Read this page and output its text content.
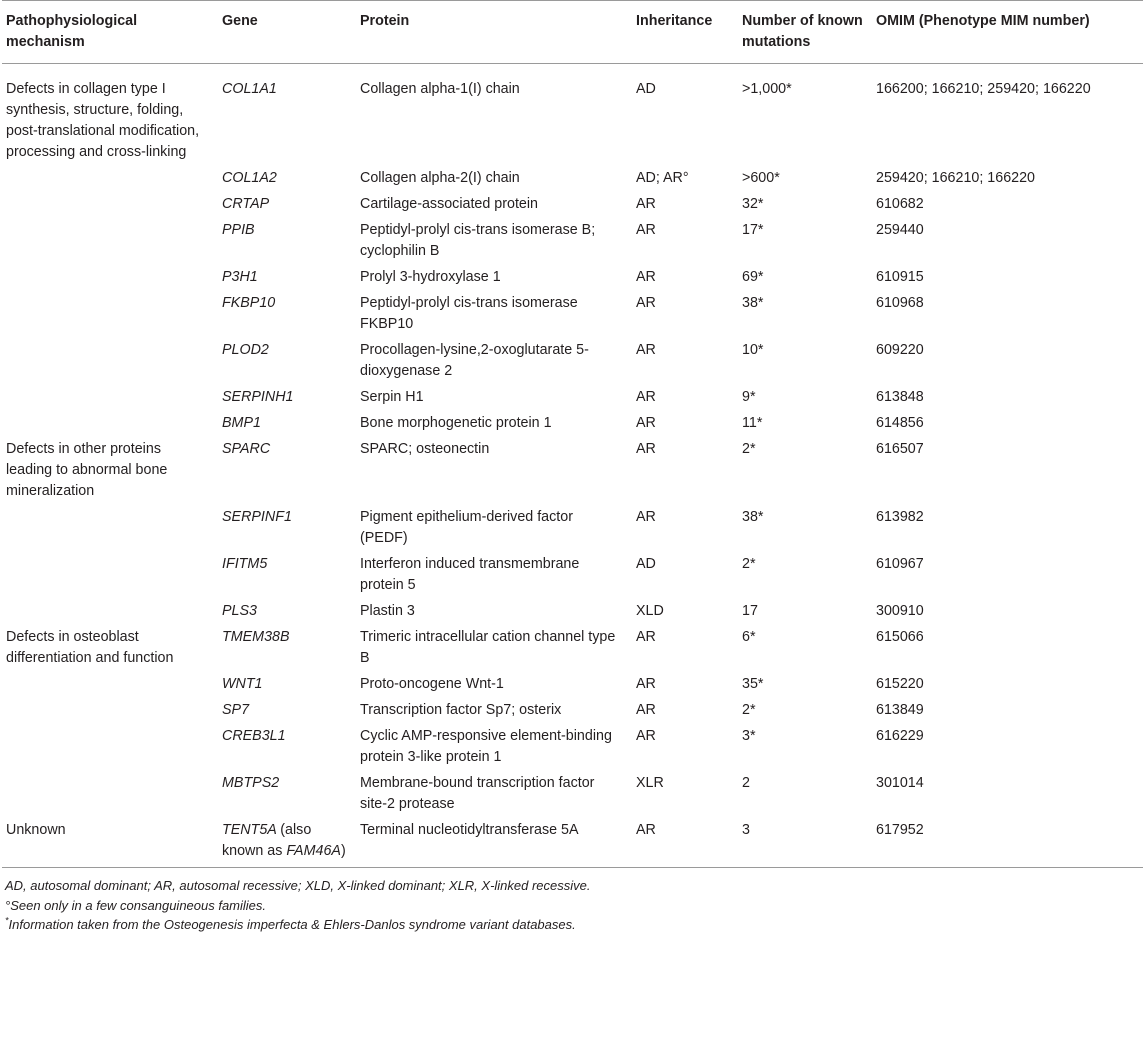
Pathophysiological mechanism	Gene	Protein	Inheritance	Number of known mutations	OMIM (Phenotype MIM number)
Defects in collagen type I synthesis, structure, folding, post-translational modification, processing and cross-linking	COL1A1	Collagen alpha-1(I) chain	AD	>1,000*	166200; 166210; 259420; 166220
	COL1A2	Collagen alpha-2(I) chain	AD; AR°	>600*	259420; 166210; 166220
	CRTAP	Cartilage-associated protein	AR	32*	610682
	PPIB	Peptidyl-prolyl cis-trans isomerase B; cyclophilin B	AR	17*	259440
	P3H1	Prolyl 3-hydroxylase 1	AR	69*	610915
	FKBP10	Peptidyl-prolyl cis-trans isomerase FKBP10	AR	38*	610968
	PLOD2	Procollagen-lysine,2-oxoglutarate 5-dioxygenase 2	AR	10*	609220
	SERPINH1	Serpin H1	AR	9*	613848
	BMP1	Bone morphogenetic protein 1	AR	11*	614856
Defects in other proteins leading to abnormal bone mineralization	SPARC	SPARC; osteonectin	AR	2*	616507
	SERPINF1	Pigment epithelium-derived factor (PEDF)	AR	38*	613982
	IFITM5	Interferon induced transmembrane protein 5	AD	2*	610967
	PLS3	Plastin 3	XLD	17	300910
Defects in osteoblast differentiation and function	TMEM38B	Trimeric intracellular cation channel type B	AR	6*	615066
	WNT1	Proto-oncogene Wnt-1	AR	35*	615220
	SP7	Transcription factor Sp7; osterix	AR	2*	613849
	CREB3L1	Cyclic AMP-responsive element-binding protein 3-like protein 1	AR	3*	616229
	MBTPS2	Membrane-bound transcription factor site-2 protease	XLR	2	301014
Unknown	TENT5A (also known as FAM46A)	Terminal nucleotidyltransferase 5A	AR	3	617952
AD, autosomal dominant; AR, autosomal recessive; XLD, X-linked dominant; XLR, X-linked recessive.
°Seen only in a few consanguineous families.
*Information taken from the Osteogenesis imperfecta & Ehlers-Danlos syndrome variant databases.
